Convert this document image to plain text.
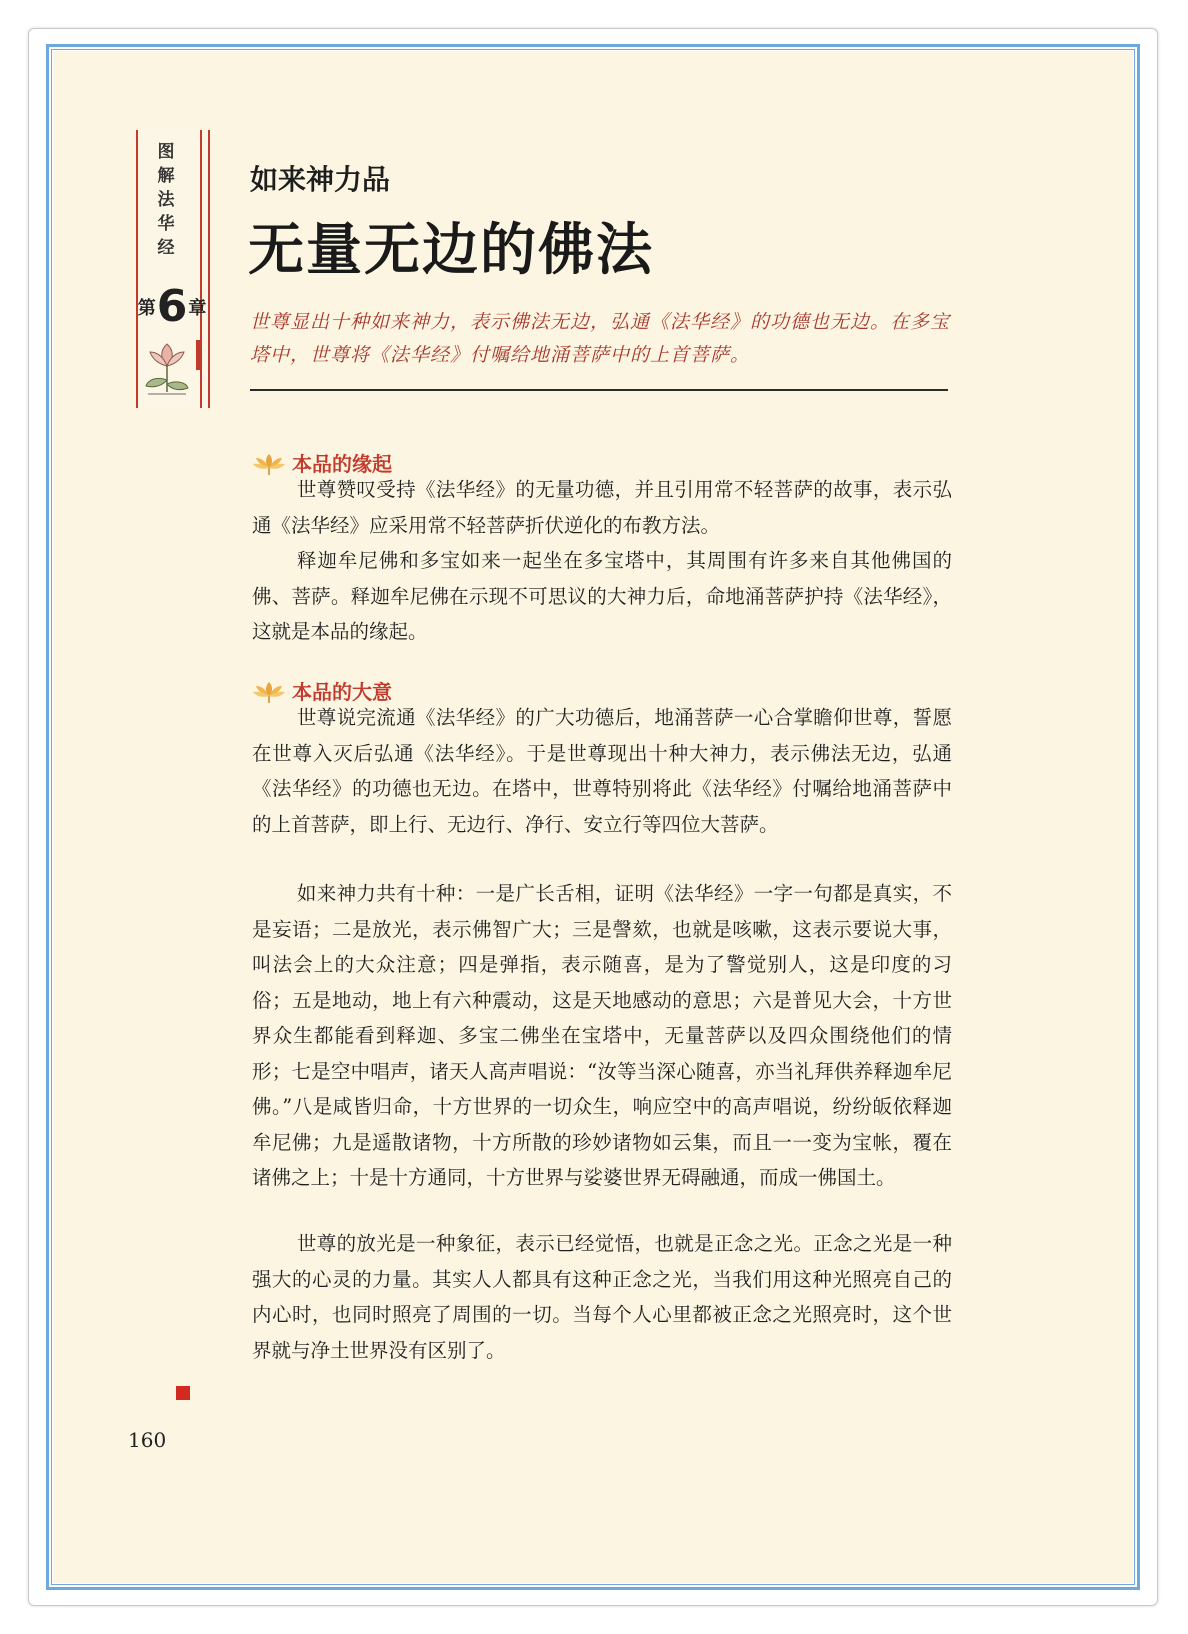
图解法华经
第 6 章
如来神力品
无量无边的佛法
世尊显出十种如来神力，表示佛法无边，弘通《法华经》的功德也无边。在多宝塔中，世尊将《法华经》付嘱给地涌菩萨中的上首菩萨。
本品的缘起

世尊赞叹受持《法华经》的无量功德，并且引用常不轻菩萨的故事，表示弘通《法华经》应采用常不轻菩萨折伏逆化的布教方法。

释迦牟尼佛和多宝如来一起坐在多宝塔中，其周围有许多来自其他佛国的佛、菩萨。释迦牟尼佛在示现不可思议的大神力后，命地涌菩萨护持《法华经》，这就是本品的缘起。

本品的大意

世尊说完流通《法华经》的广大功德后，地涌菩萨一心合掌瞻仰世尊，誓愿在世尊入灭后弘通《法华经》。于是世尊现出十种大神力，表示佛法无边，弘通《法华经》的功德也无边。在塔中，世尊特别将此《法华经》付嘱给地涌菩萨中的上首菩萨，即上行、无边行、净行、安立行等四位大菩萨。

如来神力共有十种：一是广长舌相，证明《法华经》一字一句都是真实，不是妄语；二是放光，表示佛智广大；三是謦欬，也就是咳嗽，这表示要说大事，叫法会上的大众注意；四是弹指，表示随喜，是为了警觉别人，这是印度的习俗；五是地动，地上有六种震动，这是天地感动的意思；六是普见大会，十方世界众生都能看到释迦、多宝二佛坐在宝塔中，无量菩萨以及四众围绕他们的情形；七是空中唱声，诸天人高声唱说：“汝等当深心随喜，亦当礼拜供养释迦牟尼佛。”八是咸皆归命，十方世界的一切众生，响应空中的高声唱说，纷纷皈依释迦牟尼佛；九是遥散诸物，十方所散的珍妙诸物如云集，而且一一变为宝帐，覆在诸佛之上；十是十方通同，十方世界与娑婆世界无碍融通，而成一佛国土。

世尊的放光是一种象征，表示已经觉悟，也就是正念之光。正念之光是一种强大的心灵的力量。其实人人都具有这种正念之光，当我们用这种光照亮自己的内心时，也同时照亮了周围的一切。当每个人心里都被正念之光照亮时，这个世界就与净土世界没有区别了。

160
